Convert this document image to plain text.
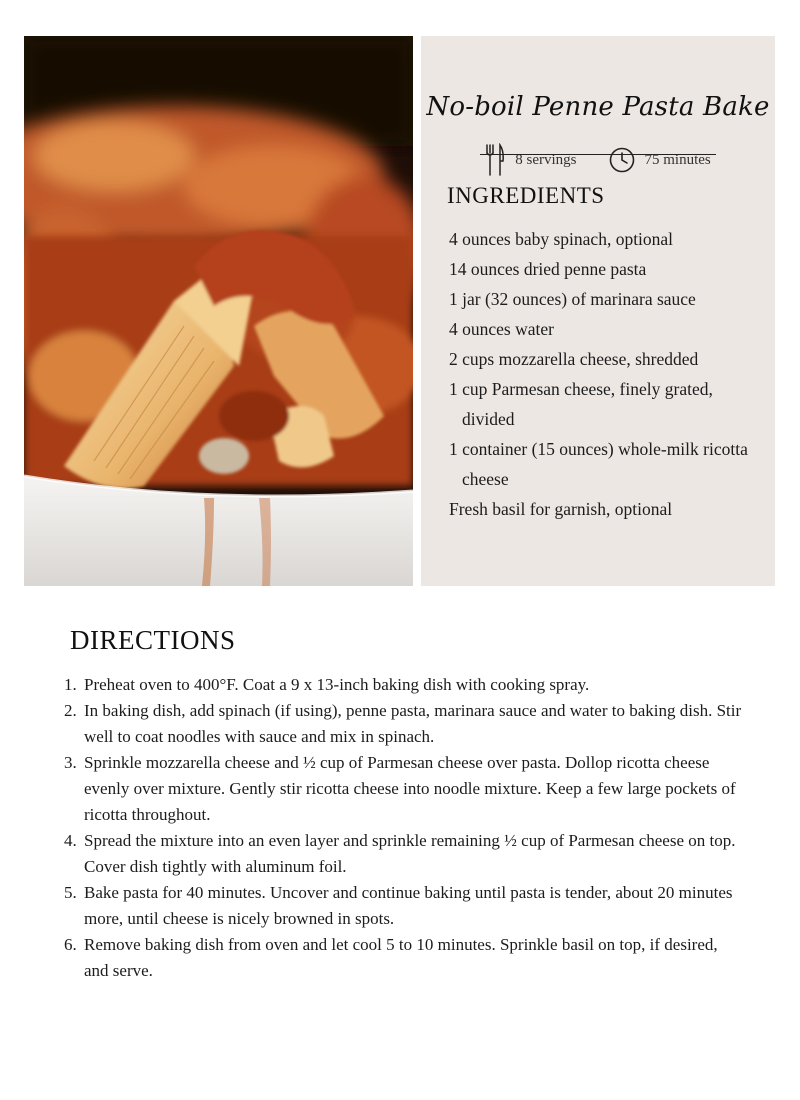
No-boil Penne Pasta Bake
8 servings	75 minutes
INGREDIENTS
4 ounces baby spinach, optional
14 ounces dried penne pasta
1 jar (32 ounces) of marinara sauce
4 ounces water
2 cups mozzarella cheese, shredded
1 cup Parmesan cheese, finely grated, divided
1 container (15 ounces) whole-milk ricotta cheese
Fresh basil for garnish, optional
DIRECTIONS
1. Preheat oven to 400°F. Coat a 9 x 13-inch baking dish with cooking spray.
2. In baking dish, add spinach (if using), penne pasta, marinara sauce and water to baking dish. Stir well to coat noodles with sauce and mix in spinach.
3. Sprinkle mozzarella cheese and ½ cup of Parmesan cheese over pasta. Dollop ricotta cheese evenly over mixture. Gently stir ricotta cheese into noodle mixture. Keep a few large pockets of ricotta throughout.
4. Spread the mixture into an even layer and sprinkle remaining ½ cup of Parmesan cheese on top. Cover dish tightly with aluminum foil.
5. Bake pasta for 40 minutes. Uncover and continue baking until pasta is tender, about 20 minutes more, until cheese is nicely browned in spots.
6. Remove baking dish from oven and let cool 5 to 10 minutes. Sprinkle basil on top, if desired, and serve.
